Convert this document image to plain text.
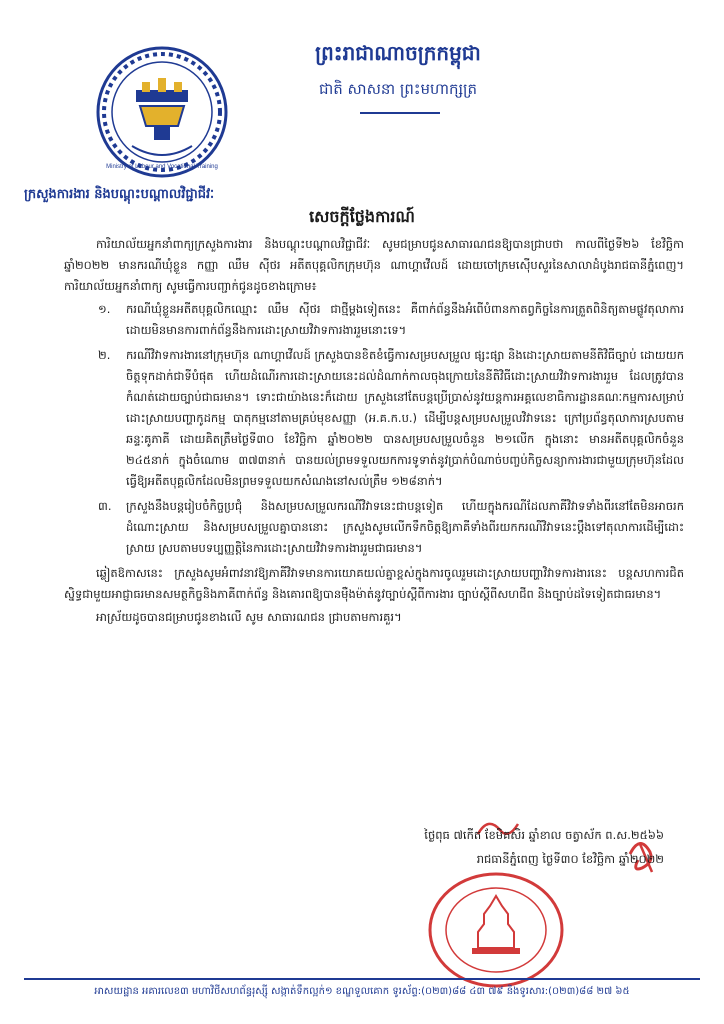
Ministry of Labour and Vocational Training
ព្រះរាជាណាចក្រកម្ពុជា
ជាតិ សាសនា ព្រះមហាក្សត្រ
ក្រសួងការងារ និងបណ្តុះបណ្តាលវិជ្ជាជីវៈ
សេចក្តីថ្លែងការណ៍

ការិយាល័យអ្នកនាំពាក្យក្រសួងការងារ និងបណ្តុះបណ្តាលវិជ្ជាជីវៈ សូមជម្រាបជូនសាធារណជនឱ្យបានជ្រាបថា កាលពីថ្ងៃទី២៦ ខែវិច្ឆិកា ឆ្នាំ២០២២ មានករណីឃុំខ្លួន កញ្ញា ឈឹម ស៊ីថរ អតីតបុគ្គលិកក្រុមហ៊ុន ណាហ្គាវើលដ៍ ដោយចៅក្រមស៊ើបសួរនៃសាលាដំបូងរាជធានីភ្នំពេញ។ ការិយាល័យអ្នកនាំពាក្យ សូមធ្វើការបញ្ជាក់ជូនដូចខាងក្រោម៖

១.	ករណីឃុំខ្លួនអតីតបុគ្គលិកឈ្មោះ ឈឹម ស៊ីថរ ជាថ្មីម្តងទៀតនេះ គឺពាក់ព័ន្ធនឹងអំពើបំពានកាតព្វកិច្ចនៃការត្រួតពិនិត្យតាមផ្លូវតុលាការ ដោយមិនមានការពាក់ព័ន្ធនឹងការដោះស្រាយវិវាទការងាររួមនោះទេ។
២.	ករណីវិវាទការងារនៅក្រុមហ៊ុន ណាហ្គាវើលដ៍ ក្រសួងបានខិតខំធ្វើការសម្របសម្រួល ផ្សះផ្សា និងដោះស្រាយតាមនីតិវិធីច្បាប់ ដោយយកចិត្តទុកដាក់ជាទីបំផុត ហើយដំណើរការដោះស្រាយនេះដល់ដំណាក់កាលចុងក្រោយនៃនីតិវិធីដោះស្រាយវិវាទការងាររួម ដែលត្រូវបានកំណត់ដោយច្បាប់ជាធរមាន។ ទោះជាយ៉ាងនេះក៏ដោយ ក្រសួងនៅតែបន្តប្រើប្រាស់នូវយន្តការអគ្គលេខាធិការដ្ឋានគណៈកម្មការសម្រាប់ដោះស្រាយបញ្ហាកូដកម្ម បាតុកម្មនៅតាមគ្រប់មុខសញ្ញា (អ.គ.ក.ប.) ដើម្បីបន្តសម្របសម្រួលវិវាទនេះ ក្រៅប្រព័ន្ធតុលាការស្របតាមឆន្ទៈគូភាគី ដោយគិតត្រឹមថ្ងៃទី៣០ ខែវិច្ឆិកា ឆ្នាំ២០២២ បានសម្របសម្រួលចំនួន ២១លើក ក្នុងនោះ មានអតីតបុគ្គលិកចំនួន ២៤៥នាក់ ក្នុងចំណោម ៣៧៣នាក់ បានយល់ព្រមទទួលយកការទូទាត់នូវប្រាក់បំណាច់បញ្ចប់កិច្ចសន្យាការងារជាមួយក្រុមហ៊ុនដែលធ្វើឱ្យអតីតបុគ្គលិកដែលមិនព្រមទទួលយកសំណងនៅសល់ត្រឹម ១២៨នាក់។
៣.	ក្រសួងនឹងបន្តរៀបចំកិច្ចប្រជុំ និងសម្របសម្រួលករណីវិវាទនេះជាបន្តទៀត ហើយក្នុងករណីដែលភាគីវិវាទទាំងពីរនៅតែមិនអាចរកដំណោះស្រាយ និងសម្របសម្រួលគ្នាបាននោះ ក្រសួងសូមលើកទឹកចិត្តឱ្យភាគីទាំងពីរយកករណីវិវាទនេះប្តឹងទៅតុលាការដើម្បីដោះស្រាយ ស្របតាមបទប្បញ្ញត្តិនៃការដោះស្រាយវិវាទការងាររួមជាធរមាន។

ឆ្លៀតឱកាសនេះ ក្រសួងសូមអំពាវនាវឱ្យភាគីវិវាទមានការយោគយល់គ្នាខ្ពស់ក្នុងការចូលរួមដោះស្រាយបញ្ហាវិវាទការងារនេះ បន្តសហការជិតស្និទ្ធជាមួយអាជ្ញាធរមានសមត្ថកិច្ចនិងភាគីពាក់ព័ន្ធ និងគោរពឱ្យបានម៉ឺងម៉ាត់នូវច្បាប់ស្តីពីការងារ ច្បាប់ស្តីពីសហជីព និងច្បាប់ដទៃទៀតជាធរមាន។

អាស្រ័យដូចបានជម្រាបជូនខាងលើ សូម សាធារណជន ជ្រាបតាមការគួរ។

ថ្ងៃពុធ ៧កើត ខែមិគសិរ ឆ្នាំខាល ចត្វាស័ក ព.ស.២៥៦៦
រាជធានីភ្នំពេញ ថ្ងៃទី៣០ ខែវិច្ឆិកា ឆ្នាំ២០២២
អាសយដ្ឋាន អគារលេខ៣ មហាវិថីសហព័ន្ធរុស្ស៊ី សង្កាត់ទឹកល្អក់១ ខណ្ឌទួលគោក ទូរស័ព្ទ:(០២៣)៨៨ ៤៣ ៧៩ និងទូរសារ:(០២៣)៨៨ ២៧ ៦៥
